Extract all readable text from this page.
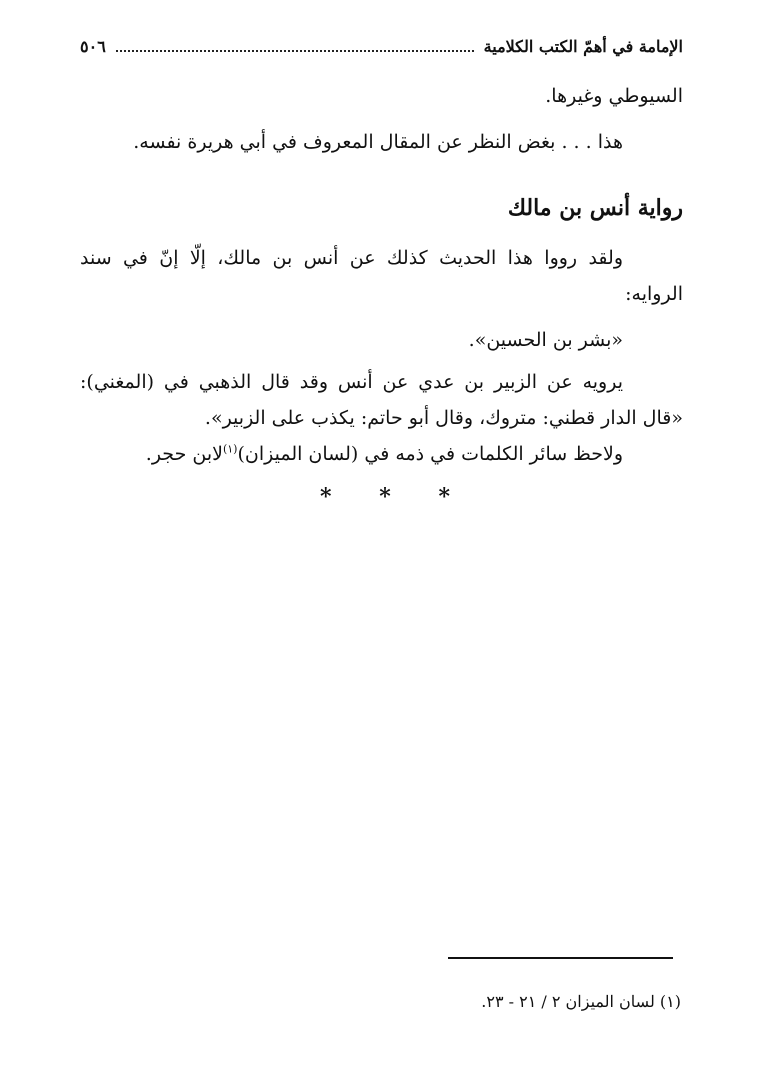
الإمامة في أهمّ الكتب الكلامية
٥٠٦

السيوطي وغيرها.

هذا . . . بغض النظر عن المقال المعروف في أبي هريرة نفسه.

رواية أنس بن مالك

ولقد رووا هذا الحديث كذلك عن أنس بن مالك، إلّا إنّ في سند الروايه:

«بشر بن الحسين».

يرويه عن الزبير بن عدي عن أنس وقد قال الذهبي في (المغني): «قال الدار قطني: متروك، وقال أبو حاتم: يكذب على الزبير».

ولاحظ سائر الكلمات في ذمه في (لسان الميزان)$^{(١)}$لابن حجر.

* * *

(١) لسان الميزان ٢ / ٢١ - ٢٣.
